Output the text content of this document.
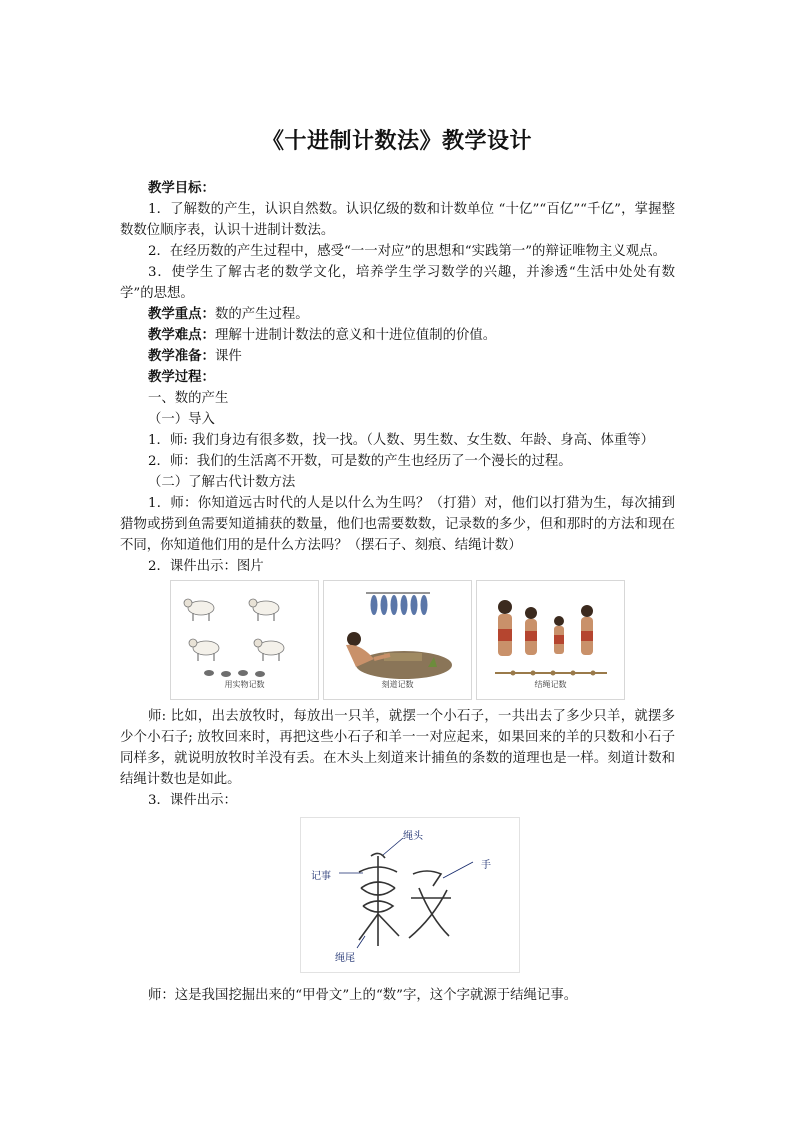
《十进制计数法》教学设计

教学目标：

1．了解数的产生，认识自然数。认识亿级的数和计数单位 “十亿”“百亿”“千亿”，掌握整数数位顺序表，认识十进制计数法。

2．在经历数的产生过程中，感受“一一对应”的思想和“实践第一”的辩证唯物主义观点。

3．使学生了解古老的数学文化，培养学生学习数学的兴趣，并渗透“生活中处处有数学”的思想。

教学重点：数的产生过程。

教学难点：理解十进制计数法的意义和十进位值制的价值。

教学准备：课件

教学过程：

一、数的产生

（一）导入

1．师: 我们身边有很多数，找一找。（人数、男生数、女生数、年龄、身高、体重等）

2．师：我们的生活离不开数，可是数的产生也经历了一个漫长的过程。

（二）了解古代计数方法

1．师：你知道远古时代的人是以什么为生吗？（打猎）对，他们以打猎为生，每次捕到猎物或捞到鱼需要知道捕获的数量，他们也需要数数，记录数的多少，但和那时的方法和现在不同，你知道他们用的是什么方法吗？（摆石子、刻痕、结绳计数）

2．课件出示：图片

用实物记数	刻道记数	结绳记数

师: 比如，出去放牧时，每放出一只羊，就摆一个小石子，一共出去了多少只羊，就摆多少个小石子; 放牧回来时，再把这些小石子和羊一一对应起来，如果回来的羊的只数和小石子同样多，就说明放牧时羊没有丢。在木头上刻道来计捕鱼的条数的道理也是一样。刻道计数和结绳计数也是如此。

3．课件出示：

绳头
记事
手
绳尾

师：这是我国挖掘出来的“甲骨文”上的“数”字，这个字就源于结绳记事。
